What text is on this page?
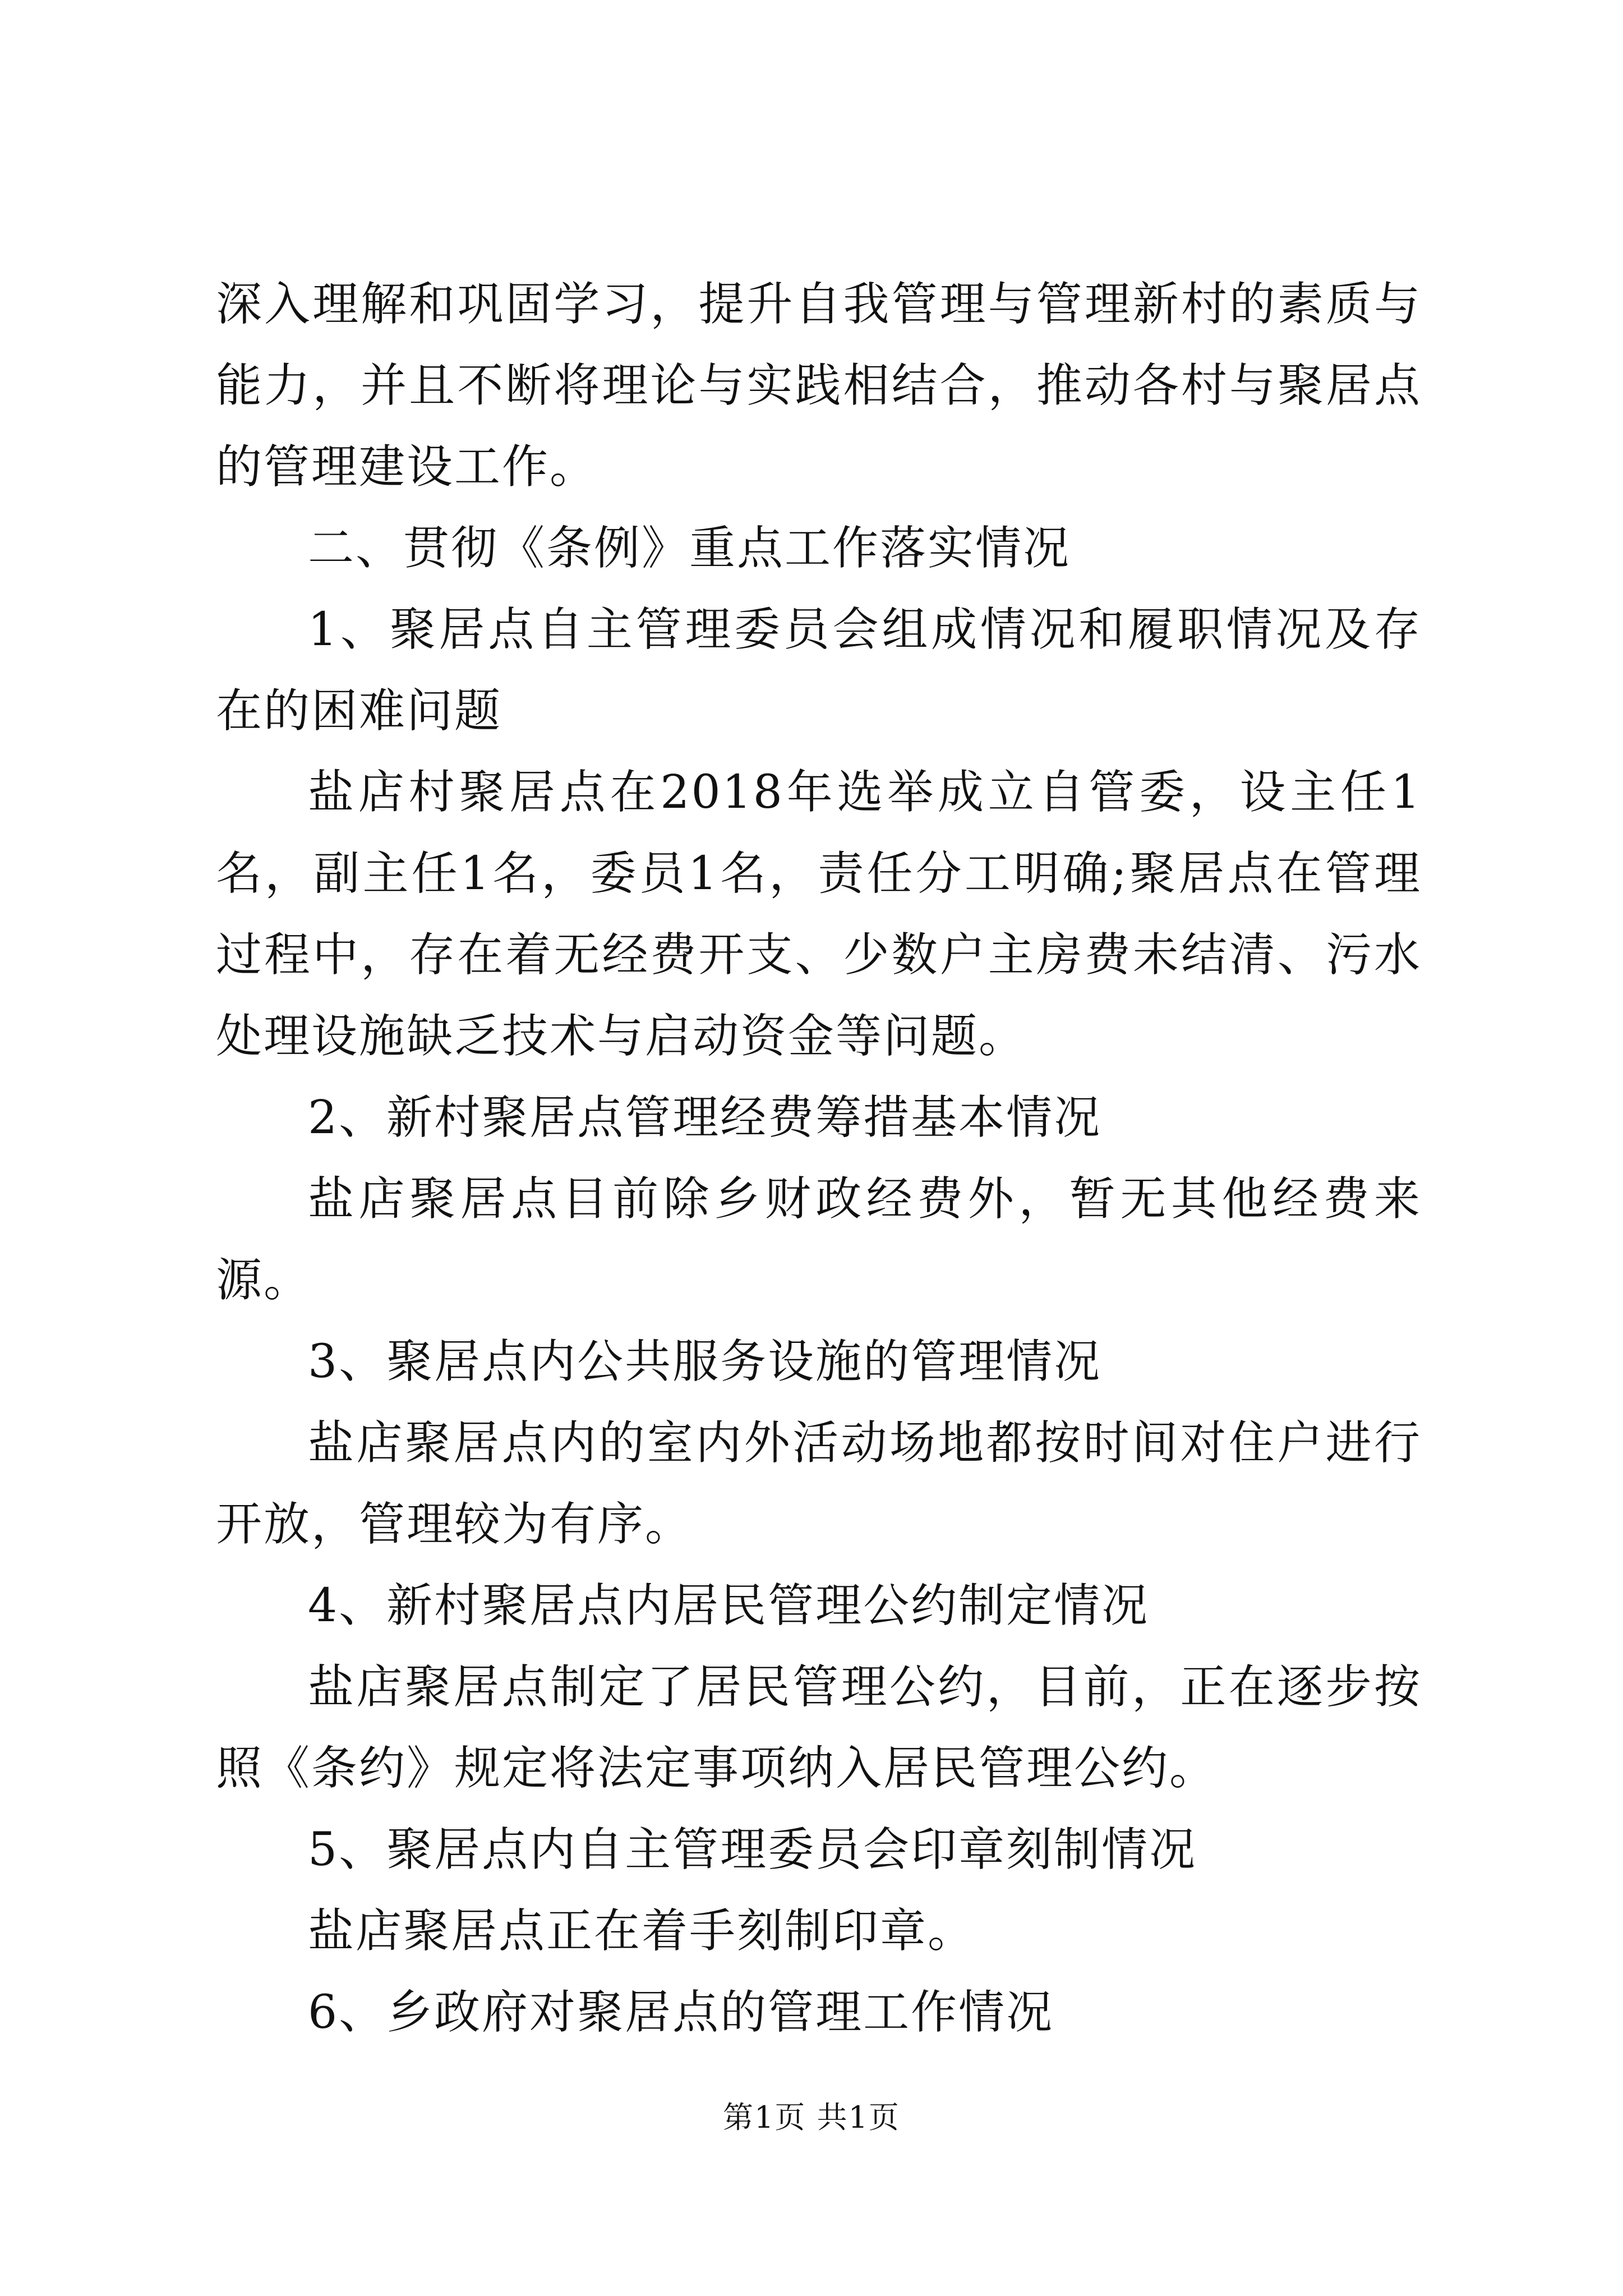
深入理解和巩固学习，提升自我管理与管理新村的素质与能力，并且不断将理论与实践相结合，推动各村与聚居点的管理建设工作。

二、贯彻《条例》重点工作落实情况

1、聚居点自主管理委员会组成情况和履职情况及存在的困难问题

盐店村聚居点在2018年选举成立自管委，设主任1名，副主任1名，委员1名，责任分工明确;聚居点在管理过程中，存在着无经费开支、少数户主房费未结清、污水处理设施缺乏技术与启动资金等问题。

2、新村聚居点管理经费筹措基本情况

盐店聚居点目前除乡财政经费外，暂无其他经费来源。

3、聚居点内公共服务设施的管理情况

盐店聚居点内的室内外活动场地都按时间对住户进行开放，管理较为有序。

4、新村聚居点内居民管理公约制定情况

盐店聚居点制定了居民管理公约，目前，正在逐步按照《条约》规定将法定事项纳入居民管理公约。

5、聚居点内自主管理委员会印章刻制情况

盐店聚居点正在着手刻制印章。

6、乡政府对聚居点的管理工作情况

第1页 共1页
